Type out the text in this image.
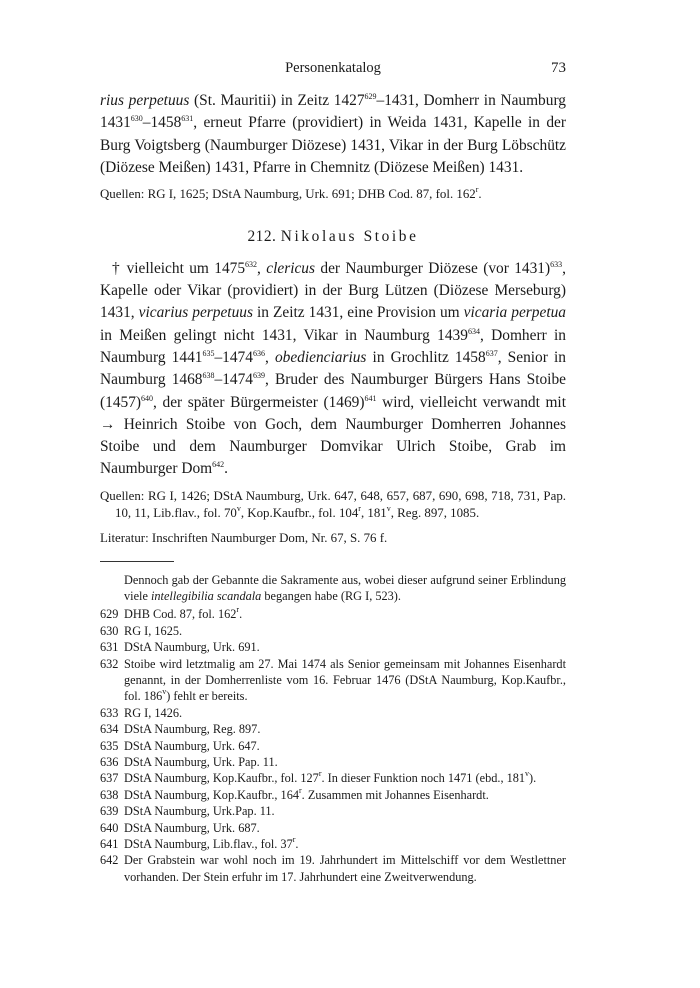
Personenkatalog	73

rius perpetuus (St. Mauritii) in Zeitz 1427$^{629}$–1431, Domherr in Naumburg 1431$^{630}$–1458$^{631}$, erneut Pfarre (providiert) in Weida 1431, Kapelle in der Burg Voigtsberg (Naumburger Diözese) 1431, Vikar in der Burg Löbschütz (Diözese Meißen) 1431, Pfarre in Chemnitz (Diözese Meißen) 1431.

Quellen: RG I, 1625; DStA Naumburg, Urk. 691; DHB Cod. 87, fol. 162$^r$.

212. Nikolaus Stoibe

† vielleicht um 1475$^{632}$, clericus der Naumburger Diözese (vor 1431)$^{633}$, Kapelle oder Vikar (providiert) in der Burg Lützen (Diözese Merseburg) 1431, vicarius perpetuus in Zeitz 1431, eine Provision um vicaria perpetua in Meißen gelingt nicht 1431, Vikar in Naumburg 1439$^{634}$, Domherr in Naumburg 1441$^{635}$–1474$^{636}$, obedienciarius in Grochlitz 1458$^{637}$, Senior in Naumburg 1468$^{638}$–1474$^{639}$, Bruder des Naumburger Bürgers Hans Stoibe $(1457)^{640}$, der später Bürgermeister $(1469)^{641}$ wird, vielleicht verwandt mit → Heinrich Stoibe von Goch, dem Naumburger Domherren Johannes Stoibe und dem Naumburger Domvikar Ulrich Stoibe, Grab im Naumburger Dom$^{642}$.

Quellen: RG I, 1426; DStA Naumburg, Urk. 647, 648, 657, 687, 690, 698, 718, 731, Pap. 10, 11, Lib.flav., fol. 70$^v$, Kop.Kaufbr., fol. 104$^r$, 181$^v$, Reg. 897, 1085.

Literatur: Inschriften Naumburger Dom, Nr. 67, S. 76 f.

Dennoch gab der Gebannte die Sakramente aus, wobei dieser aufgrund seiner Erblindung viele intellegibilia scandala begangen habe (RG I, 523).
629 DHB Cod. 87, fol. 162$^r$.
630 RG I, 1625.
631 DStA Naumburg, Urk. 691.
632 Stoibe wird letztmalig am 27. Mai 1474 als Senior gemeinsam mit Johannes Eisenhardt genannt, in der Domherrenliste vom 16. Februar 1476 (DStA Naumburg, Kop.Kaufbr., fol. 186$^v$) fehlt er bereits.
633 RG I, 1426.
634 DStA Naumburg, Reg. 897.
635 DStA Naumburg, Urk. 647.
636 DStA Naumburg, Urk. Pap. 11.
637 DStA Naumburg, Kop.Kaufbr., fol. 127$^r$. In dieser Funktion noch 1471 (ebd., 181$^v$).
638 DStA Naumburg, Kop.Kaufbr., 164$^r$. Zusammen mit Johannes Eisenhardt.
639 DStA Naumburg, Urk.Pap. 11.
640 DStA Naumburg, Urk. 687.
641 DStA Naumburg, Lib.flav., fol. 37$^r$.
642 Der Grabstein war wohl noch im 19. Jahrhundert im Mittelschiff vor dem Westlettner vorhanden. Der Stein erfuhr im 17. Jahrhundert eine Zweitverwendung.
